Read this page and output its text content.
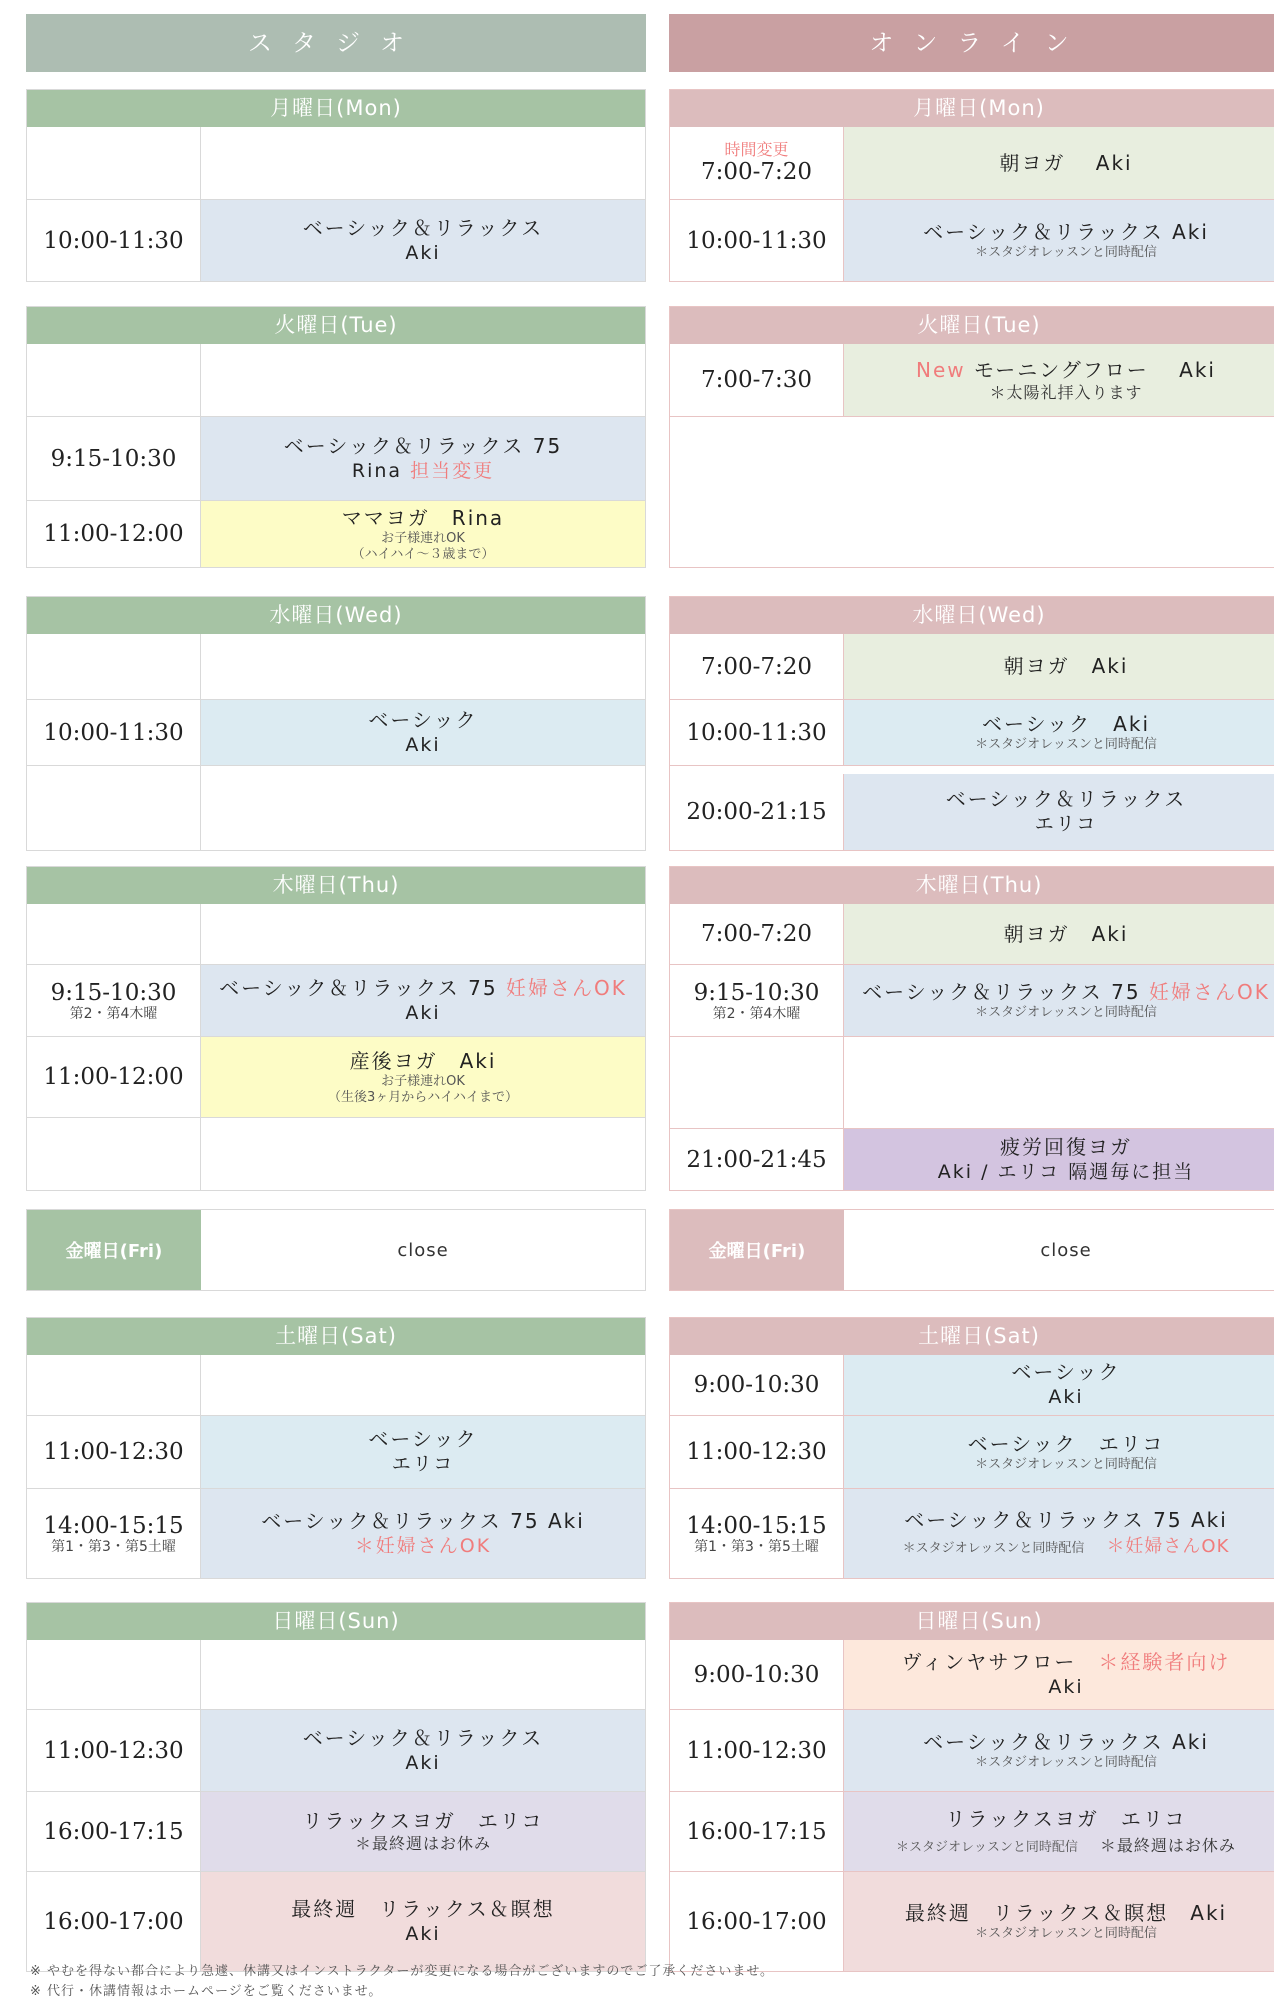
スタジオ
月曜日(Mon)
10:00-11:30	ベーシック＆リラックス
Aki
火曜日(Tue)
9:15-10:30	ベーシック＆リラックス 75
Rina 担当変更
11:00-12:00
ママヨガ　Rina
お子様連れOK
（ハイハイ～３歳まで）
水曜日(Wed)
10:00-11:30	ベーシック
Aki
木曜日(Thu)
9:15-10:30
第2・第4木曜
ベーシック＆リラックス 75 妊婦さんOK
Aki
11:00-12:00
産後ヨガ　Aki
お子様連れOK
（生後3ヶ月からハイハイまで）
金曜日(Fri)	close
土曜日(Sat)
11:00-12:30	ベーシック
エリコ
14:00-15:15
第1・第3・第5土曜
ベーシック＆リラックス 75 Aki
＊妊婦さんOK
日曜日(Sun)
11:00-12:30	ベーシック＆リラックス
Aki
16:00-17:15	リラックスヨガ　エリコ
＊最終週はお休み
16:00-17:00	最終週　リラックス＆瞑想
Aki
オンライン
月曜日(Mon)
時間変更
7:00-7:20	朝ヨガ　 Aki
10:00-11:30	ベーシック＆リラックス Aki
＊スタジオレッスンと同時配信
火曜日(Tue)
7:00-7:30	New モーニングフロー　 Aki
＊太陽礼拝入ります
水曜日(Wed)
7:00-7:20	朝ヨガ　Aki
10:00-11:30	ベーシック　Aki
＊スタジオレッスンと同時配信
20:00-21:15	ベーシック＆リラックス
エリコ
木曜日(Thu)
7:00-7:20	朝ヨガ　Aki
9:15-10:30
第2・第4木曜
ベーシック＆リラックス 75 妊婦さんOK
＊スタジオレッスンと同時配信
21:00-21:45	疲労回復ヨガ
Aki / エリコ 隔週毎に担当
金曜日(Fri)	close
土曜日(Sat)
9:00-10:30	ベーシック
Aki
11:00-12:30	ベーシック　エリコ
＊スタジオレッスンと同時配信
14:00-15:15
第1・第3・第5土曜
ベーシック＆リラックス 75 Aki
＊スタジオレッスンと同時配信　 ＊妊婦さんOK
日曜日(Sun)
9:00-10:30	ヴィンヤサフロー　 ＊経験者向け
Aki
11:00-12:30	ベーシック＆リラックス Aki
＊スタジオレッスンと同時配信
16:00-17:15	リラックスヨガ　エリコ
＊スタジオレッスンと同時配信　 ＊最終週はお休み
16:00-17:00	最終週　リラックス＆瞑想　Aki
＊スタジオレッスンと同時配信
※ やむを得ない都合により急遽、休講又はインストラクターが変更になる場合がございますのでご了承くださいませ。
※ 代行・休講情報はホームページをご覧くださいませ。
